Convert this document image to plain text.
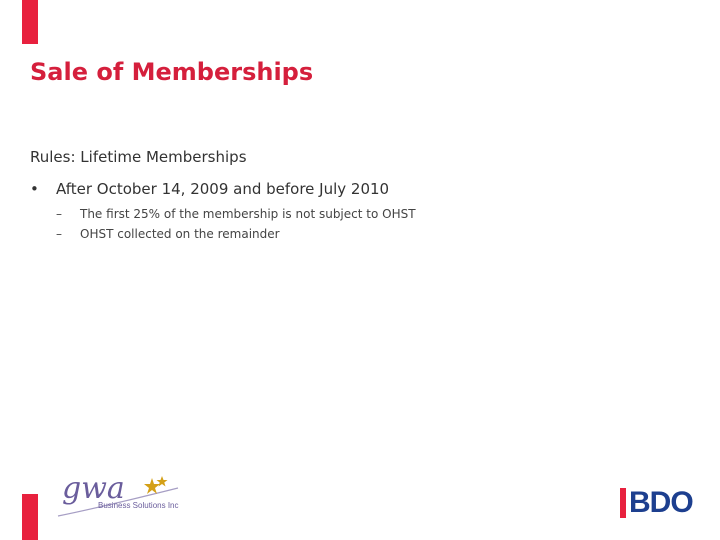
Sale of Memberships
Rules: Lifetime Memberships
• After October 14, 2009 and before July 2010
– The first 25% of the membership is not subject to OHST
– OHST collected on the remainder
gwa
Business Solutions Inc	BDO
